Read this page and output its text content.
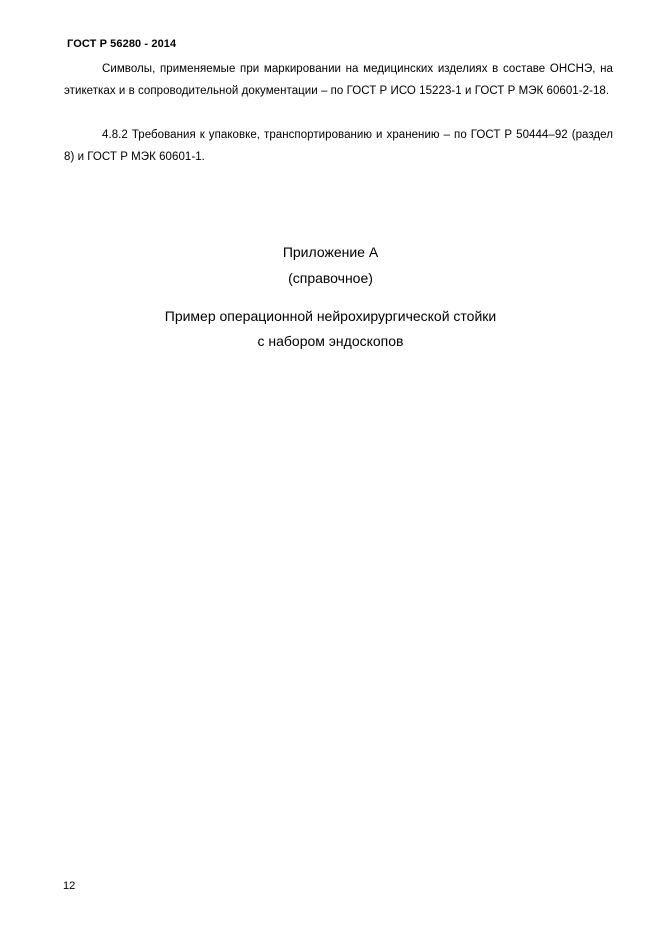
ГОСТ Р 56280 - 2014
Символы, применяемые при маркировании на медицинских изделиях в составе ОНСНЭ, на этикетках и в сопроводительной документации – по ГОСТ Р ИСО 15223-1 и ГОСТ Р МЭК 60601-2-18.
4.8.2 Требования к упаковке, транспортированию и хранению – по ГОСТ Р 50444–92 (раздел 8) и ГОСТ Р МЭК 60601-1.
Приложение А
(справочное)
Пример операционной нейрохирургической стойки
с набором эндоскопов
12
